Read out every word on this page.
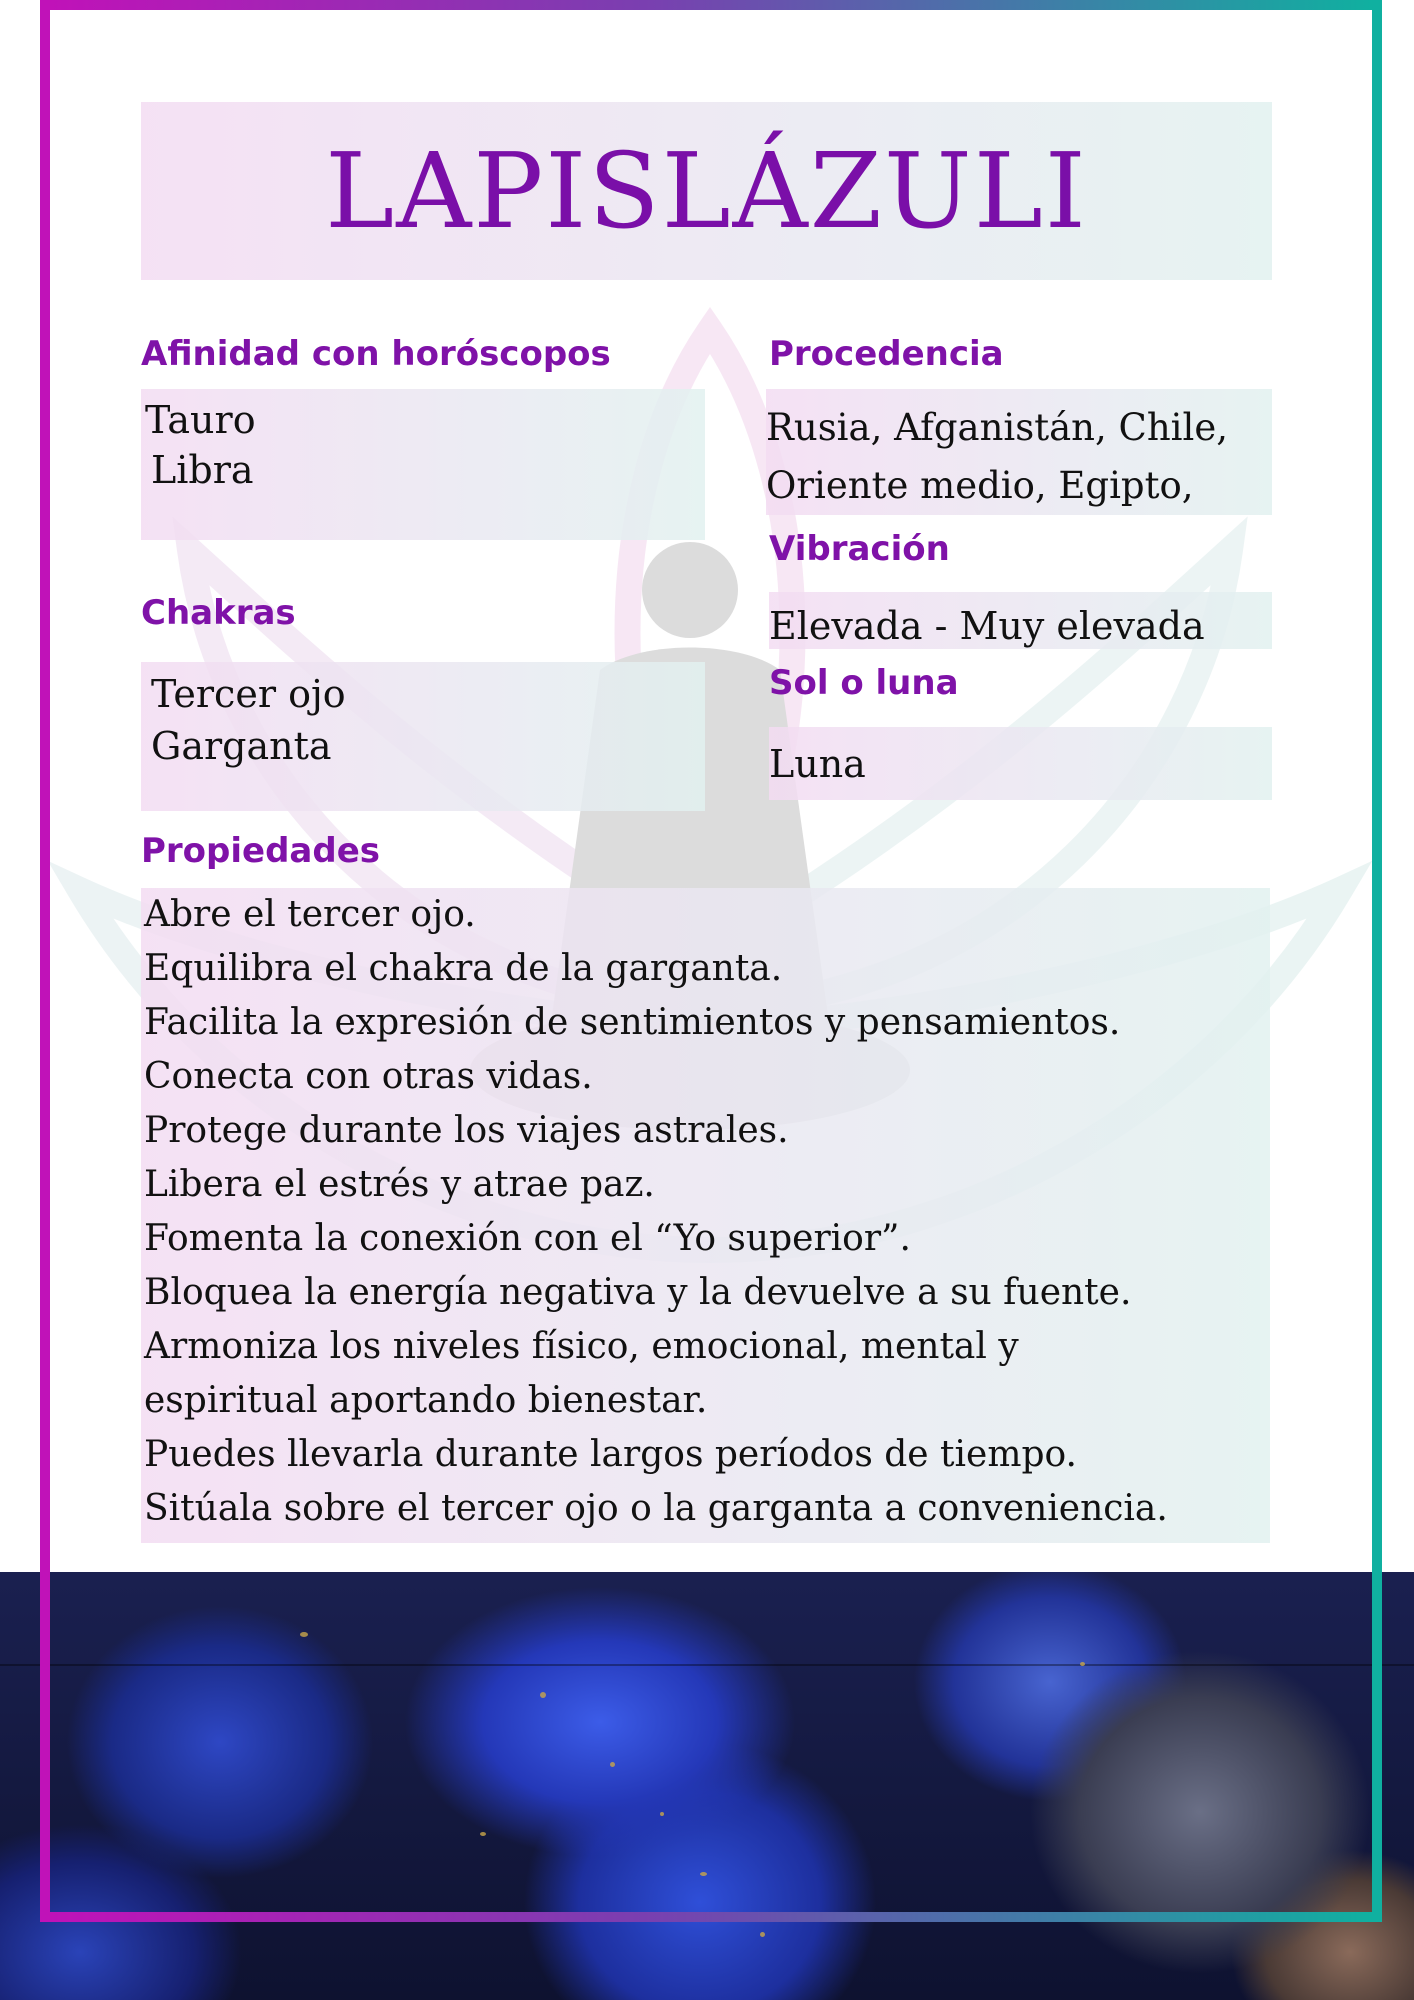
LAPISLÁZULI
Afinidad con horóscopos
Tauro
Libra
Chakras
Tercer ojo
Garganta
Procedencia
Rusia, Afganistán, Chile,
Oriente medio, Egipto,
Vibración
Elevada - Muy elevada
Sol o luna
Luna
Propiedades
Abre el tercer ojo.
Equilibra el chakra de la garganta.
Facilita la expresión de sentimientos y pensamientos.
Conecta con otras vidas.
Protege durante los viajes astrales.
Libera el estrés y atrae paz.
Fomenta la conexión con el “Yo superior”.
Bloquea la energía negativa y la devuelve a su fuente.
Armoniza los niveles físico, emocional, mental y
espiritual aportando bienestar.
Puedes llevarla durante largos períodos de tiempo.
Sitúala sobre el tercer ojo o la garganta a conveniencia.
